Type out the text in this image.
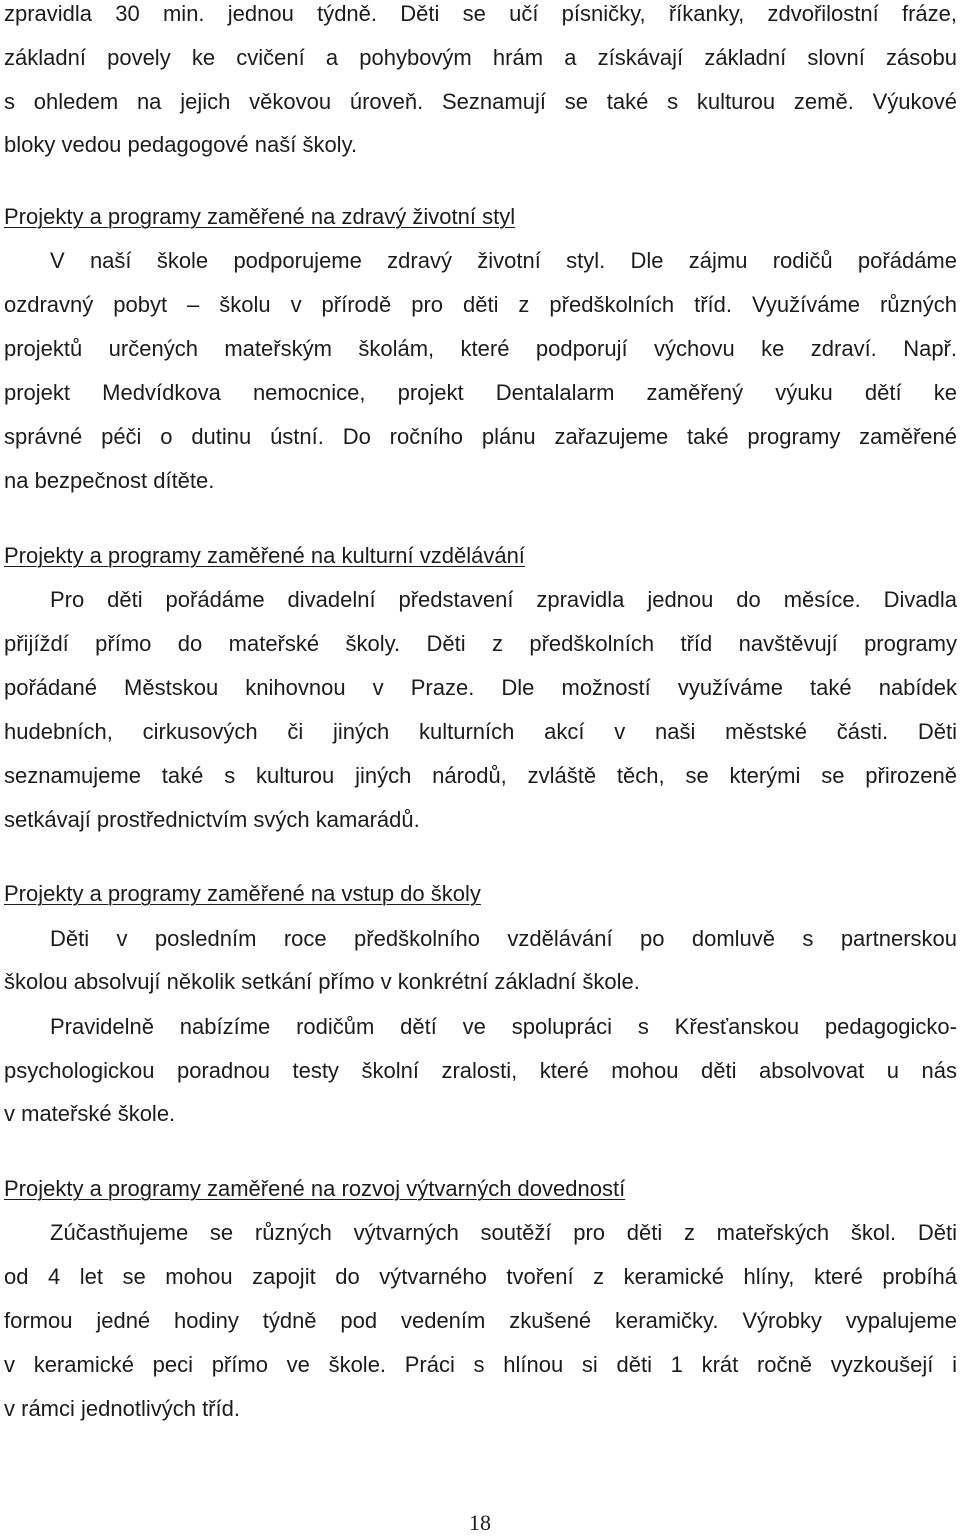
zpravidla 30 min. jednou týdně. Děti se učí písničky, říkanky, zdvořilostní fráze,
základní povely ke cvičení a pohybovým hrám a získávají základní slovní zásobu
s ohledem na jejich věkovou úroveň. Seznamují se také s kulturou země. Výukové
bloky vedou pedagogové naší školy.
Projekty a programy zaměřené na zdravý životní styl
V naší škole podporujeme zdravý životní styl. Dle zájmu rodičů pořádáme
ozdravný pobyt – školu v přírodě pro děti z předškolních tříd. Využíváme různých
projektů určených mateřským školám, které podporují výchovu ke zdraví. Např.
projekt Medvídkova nemocnice, projekt Dentalalarm zaměřený výuku dětí ke
správné péči o dutinu ústní. Do ročního plánu zařazujeme také programy zaměřené
na bezpečnost dítěte.
Projekty a programy zaměřené na kulturní vzdělávání
Pro děti pořádáme divadelní představení zpravidla jednou do měsíce. Divadla
přijíždí přímo do mateřské školy. Děti z předškolních tříd navštěvují programy
pořádané Městskou knihovnou v Praze. Dle možností využíváme také nabídek
hudebních, cirkusových či jiných kulturních akcí v naši městské části. Děti
seznamujeme také s kulturou jiných národů, zvláště těch, se kterými se přirozeně
setkávají prostřednictvím svých kamarádů.
Projekty a programy zaměřené na vstup do školy
Děti v posledním roce předškolního vzdělávání po domluvě s partnerskou
školou absolvují několik setkání přímo v konkrétní základní škole.
Pravidelně nabízíme rodičům dětí ve spolupráci s Křesťanskou pedagogicko-
psychologickou poradnou testy školní zralosti, které mohou děti absolvovat u nás
v mateřské škole.
Projekty a programy zaměřené na rozvoj výtvarných dovedností
Zúčastňujeme se různých výtvarných soutěží pro děti z mateřských škol. Děti
od 4 let se mohou zapojit do výtvarného tvoření z keramické hlíny, které probíhá
formou jedné hodiny týdně pod vedením zkušené keramičky. Výrobky vypalujeme
v keramické peci přímo ve škole. Práci s hlínou si děti 1 krát ročně vyzkoušejí i
v rámci jednotlivých tříd.
18
